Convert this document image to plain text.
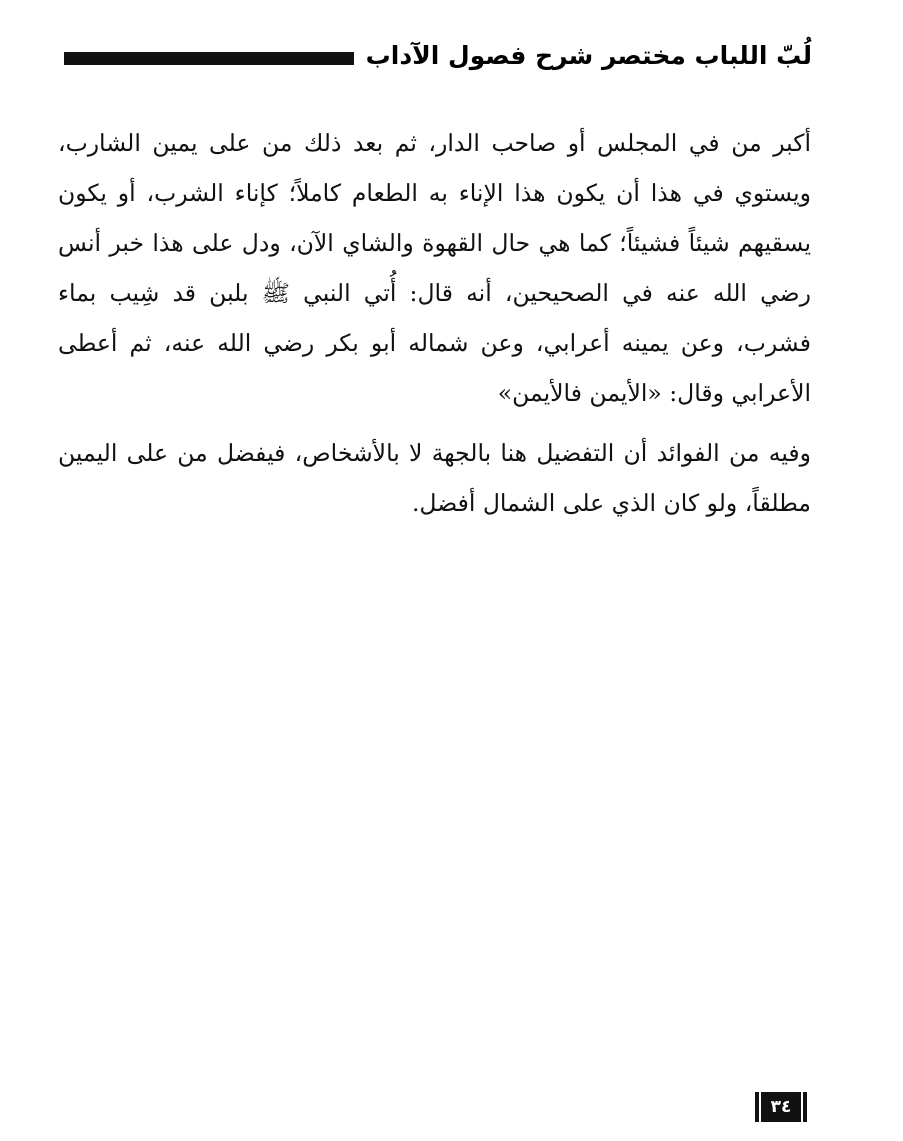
لُبّ اللباب مختصر شرح فصول الآداب

أكبر من في المجلس أو صاحب الدار، ثم بعد ذلك من على يمين الشارب، ويستوي في هذا أن يكون هذا الإناء به الطعام كاملاً؛ كإناء الشرب، أو يكون يسقيهم شيئاً فشيئاً؛ كما هي حال القهوة والشاي الآن، ودل على هذا خبر أنس رضي الله عنه في الصحيحين، أنه قال: أُتي النبي ﷺ بلبن قد شِيب بماء فشرب، وعن يمينه أعرابي، وعن شماله أبو بكر رضي الله عنه، ثم أعطى الأعرابي وقال: «الأيمن فالأيمن»

وفيه من الفوائد أن التفضيل هنا بالجهة لا بالأشخاص، فيفضل من على اليمين مطلقاً، ولو كان الذي على الشمال أفضل.

٣٤
